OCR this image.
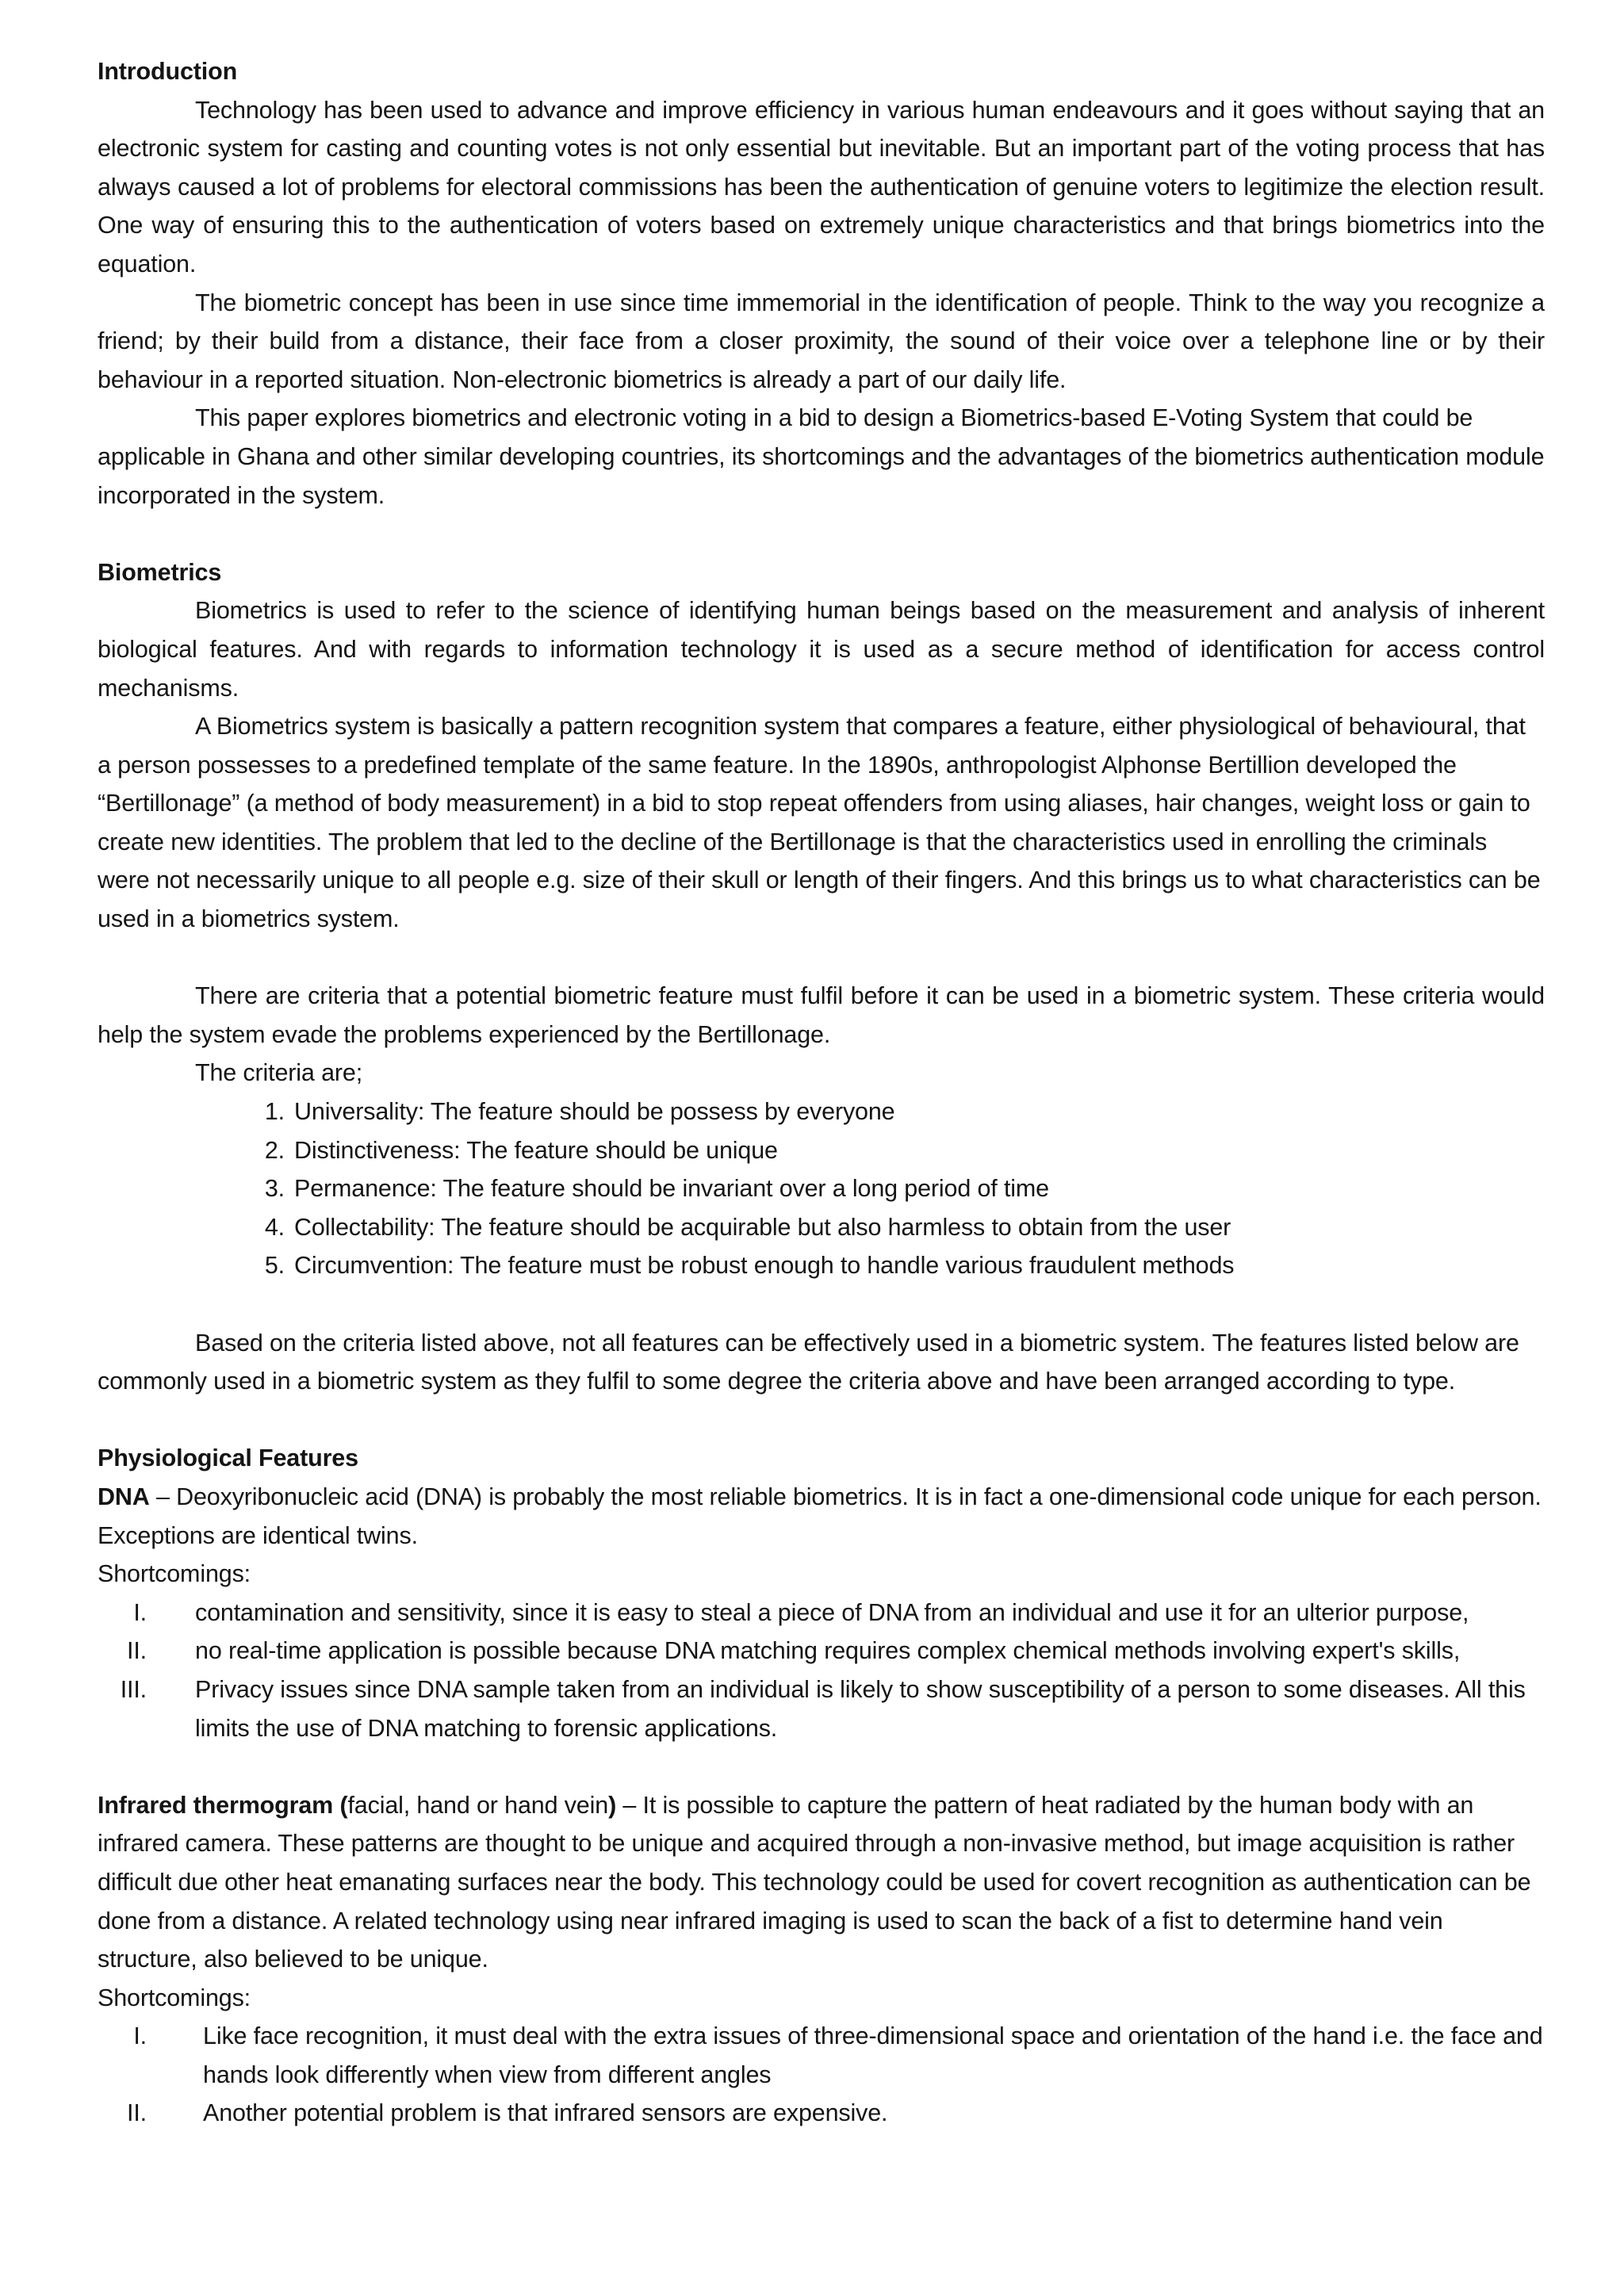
Introduction

Technology has been used to advance and improve efficiency in various human endeavours and it goes without saying that an electronic system for casting and counting votes is not only essential but inevitable. But an important part of the voting process that has always caused a lot of problems for electoral commissions has been the authentication of genuine voters to legitimize the election result. One way of ensuring this to the authentication of voters based on extremely unique characteristics and that brings biometrics into the equation.

The biometric concept has been in use since time immemorial in the identification of people. Think to the way you recognize a friend; by their build from a distance, their face from a closer proximity, the sound of their voice over a telephone line or by their behaviour in a reported situation. Non-electronic biometrics is already a part of our daily life.

This paper explores biometrics and electronic voting in a bid to design a Biometrics-based E-Voting System that could be applicable in Ghana and other similar developing countries, its shortcomings and the advantages of the biometrics authentication module incorporated in the system.

Biometrics

Biometrics is used to refer to the science of identifying human beings based on the measurement and analysis of inherent biological features. And with regards to information technology it is used as a secure method of identification for access control mechanisms.

A Biometrics system is basically a pattern recognition system that compares a feature, either physiological of behavioural, that a person possesses to a predefined template of the same feature. In the 1890s, anthropologist Alphonse Bertillion developed the “Bertillonage” (a method of body measurement) in a bid to stop repeat offenders from using aliases, hair changes, weight loss or gain to create new identities. The problem that led to the decline of the Bertillonage is that the characteristics used in enrolling the criminals were not necessarily unique to all people e.g. size of their skull or length of their fingers. And this brings us to what characteristics can be used in a biometrics system.

There are criteria that a potential biometric feature must fulfil before it can be used in a biometric system. These criteria would help the system evade the problems experienced by the Bertillonage.

The criteria are;

1. Universality: The feature should be possess by everyone
2. Distinctiveness: The feature should be unique
3. Permanence: The feature should be invariant over a long period of time
4. Collectability: The feature should be acquirable but also harmless to obtain from the user
5. Circumvention: The feature must be robust enough to handle various fraudulent methods

Based on the criteria listed above, not all features can be effectively used in a biometric system. The features listed below are commonly used in a biometric system as they fulfil to some degree the criteria above and have been arranged according to type.

Physiological Features

DNA – Deoxyribonucleic acid (DNA) is probably the most reliable biometrics. It is in fact a one-dimensional code unique for each person. Exceptions are identical twins.

Shortcomings:

I. contamination and sensitivity, since it is easy to steal a piece of DNA from an individual and use it for an ulterior purpose,
II. no real-time application is possible because DNA matching requires complex chemical methods involving expert's skills,
III. Privacy issues since DNA sample taken from an individual is likely to show susceptibility of a person to some diseases. All this limits the use of DNA matching to forensic applications.

Infrared thermogram (facial, hand or hand vein) – It is possible to capture the pattern of heat radiated by the human body with an infrared camera. These patterns are thought to be unique and acquired through a non-invasive method, but image acquisition is rather difficult due other heat emanating surfaces near the body. This technology could be used for covert recognition as authentication can be done from a distance. A related technology using near infrared imaging is used to scan the back of a fist to determine hand vein structure, also believed to be unique.

Shortcomings:

I. Like face recognition, it must deal with the extra issues of three-dimensional space and orientation of the hand i.e. the face and hands look differently when view from different angles
II. Another potential problem is that infrared sensors are expensive.
